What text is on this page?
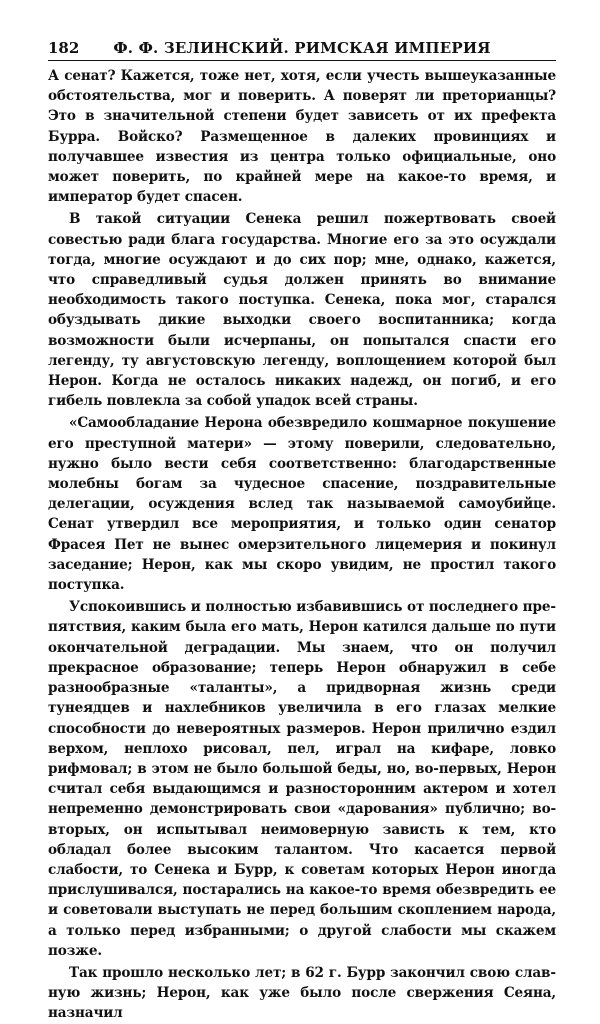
182	Ф. Ф. ЗЕЛИНСКИЙ. РИМСКАЯ ИМПЕРИЯ

А сенат? Кажется, тоже нет, хотя, если учесть вышеуказанные обстоятельства, мог и поверить. А поверят ли преторианцы? Это в значительной степени будет зависеть от их префекта Бурра. Войско? Размещенное в далеких провинциях и получавшее известия из центра только официальные, оно может поверить, по крайней мере на какое-то время, и император будет спасен.

В такой ситуации Сенека решил пожертвовать своей совестью ради блага государства. Многие его за это осуждали тогда, многие осуждают и до сих пор; мне, однако, кажется, что справедливый судья должен принять во внимание необходимость такого поступка. Сенека, пока мог, старался обуздывать дикие выходки своего воспитанника; когда возможности были исчерпаны, он попытался спасти его легенду, ту августовскую легенду, воплощением которой был Нерон. Когда не осталось никаких надежд, он погиб, и его гибель повлекла за собой упадок всей страны.

«Самообладание Нерона обезвредило кошмарное покушение его преступной матери» — этому поверили, следовательно, нужно было вести себя соответственно: благодарственные молебны богам за чудесное спасение, поздравительные делегации, осуждения вслед так называемой самоубийце. Сенат утвердил все мероприятия, и только один сенатор Фрасея Пет не вынес омерзительного лицемерия и покинул заседание; Нерон, как мы скоро увидим, не простил такого поступка.

Успокоившись и полностью избавившись от последнего препятствия, каким была его мать, Нерон катился дальше по пути окончательной деградации. Мы знаем, что он получил прекрасное образование; теперь Нерон обнаружил в себе разнообразные «таланты», а придворная жизнь среди тунеядцев и нахлебников увеличила в его глазах мелкие способности до невероятных размеров. Нерон прилично ездил верхом, неплохо рисовал, пел, играл на кифаре, ловко рифмовал; в этом не было большой беды, но, во-первых, Нерон считал себя выдающимся и разносторонним актером и хотел непременно демонстрировать свои «дарования» публично; во-вторых, он испытывал неимоверную зависть к тем, кто обладал более высоким талантом. Что касается первой слабости, то Сенека и Бурр, к советам которых Нерон иногда прислушивался, постарались на какое-то время обезвредить ее и советовали выступать не перед большим скоплением народа, а только перед избранными; о другой слабости мы скажем позже.

Так прошло несколько лет; в 62 г. Бурр закончил свою славную жизнь; Нерон, как уже было после свержения Сеяна, назначил
